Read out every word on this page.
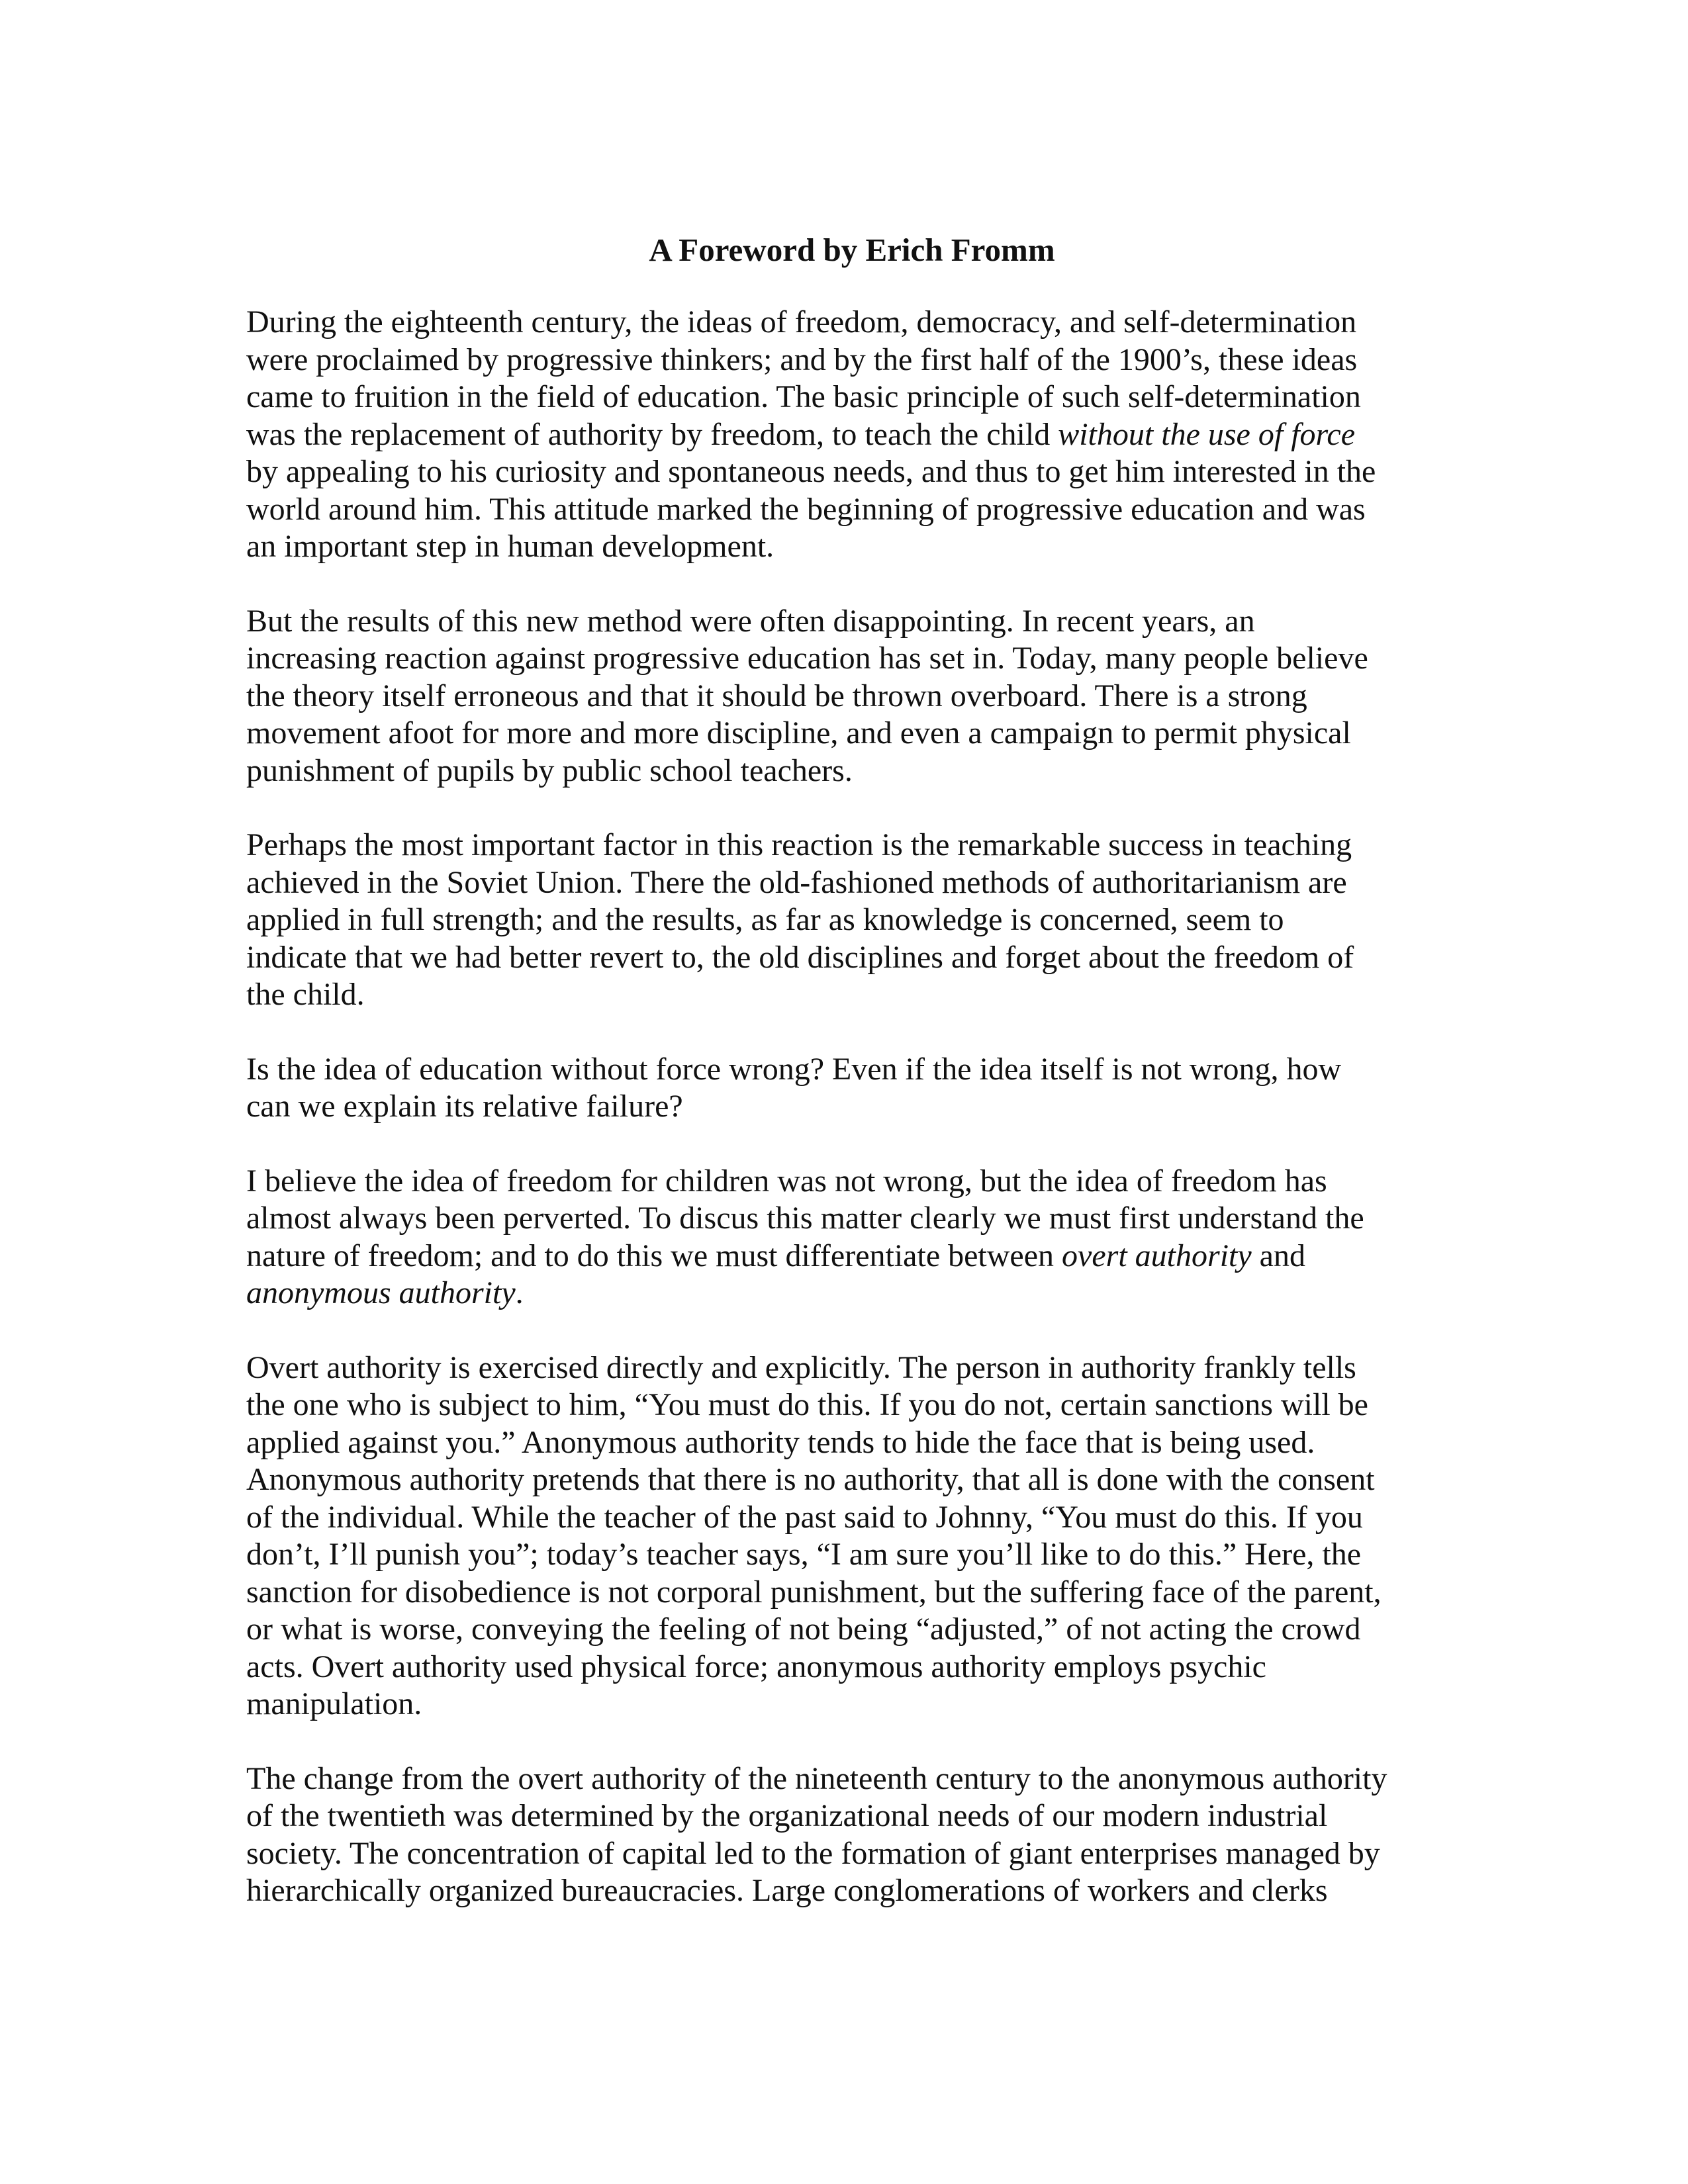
A Foreword by Erich Fromm

During the eighteenth century, the ideas of freedom, democracy, and self-determination
were proclaimed by progressive thinkers; and by the first half of the 1900’s, these ideas
came to fruition in the field of education. The basic principle of such self-determination
was the replacement of authority by freedom, to teach the child without the use of force
by appealing to his curiosity and spontaneous needs, and thus to get him interested in the
world around him. This attitude marked the beginning of progressive education and was
an important step in human development.

But the results of this new method were often disappointing. In recent years, an
increasing reaction against progressive education has set in. Today, many people believe
the theory itself erroneous and that it should be thrown overboard. There is a strong
movement afoot for more and more discipline, and even a campaign to permit physical
punishment of pupils by public school teachers.

Perhaps the most important factor in this reaction is the remarkable success in teaching
achieved in the Soviet Union. There the old-fashioned methods of authoritarianism are
applied in full strength; and the results, as far as knowledge is concerned, seem to
indicate that we had better revert to, the old disciplines and forget about the freedom of
the child.

Is the idea of education without force wrong? Even if the idea itself is not wrong, how
can we explain its relative failure?

I believe the idea of freedom for children was not wrong, but the idea of freedom has
almost always been perverted. To discus this matter clearly we must first understand the
nature of freedom; and to do this we must differentiate between overt authority and
anonymous authority.

Overt authority is exercised directly and explicitly. The person in authority frankly tells
the one who is subject to him, “You must do this. If you do not, certain sanctions will be
applied against you.” Anonymous authority tends to hide the face that is being used.
Anonymous authority pretends that there is no authority, that all is done with the consent
of the individual. While the teacher of the past said to Johnny, “You must do this. If you
don’t, I’ll punish you”; today’s teacher says, “I am sure you’ll like to do this.” Here, the
sanction for disobedience is not corporal punishment, but the suffering face of the parent,
or what is worse, conveying the feeling of not being “adjusted,” of not acting the crowd
acts. Overt authority used physical force; anonymous authority employs psychic
manipulation.

The change from the overt authority of the nineteenth century to the anonymous authority
of the twentieth was determined by the organizational needs of our modern industrial
society. The concentration of capital led to the formation of giant enterprises managed by
hierarchically organized bureaucracies. Large conglomerations of workers and clerks
